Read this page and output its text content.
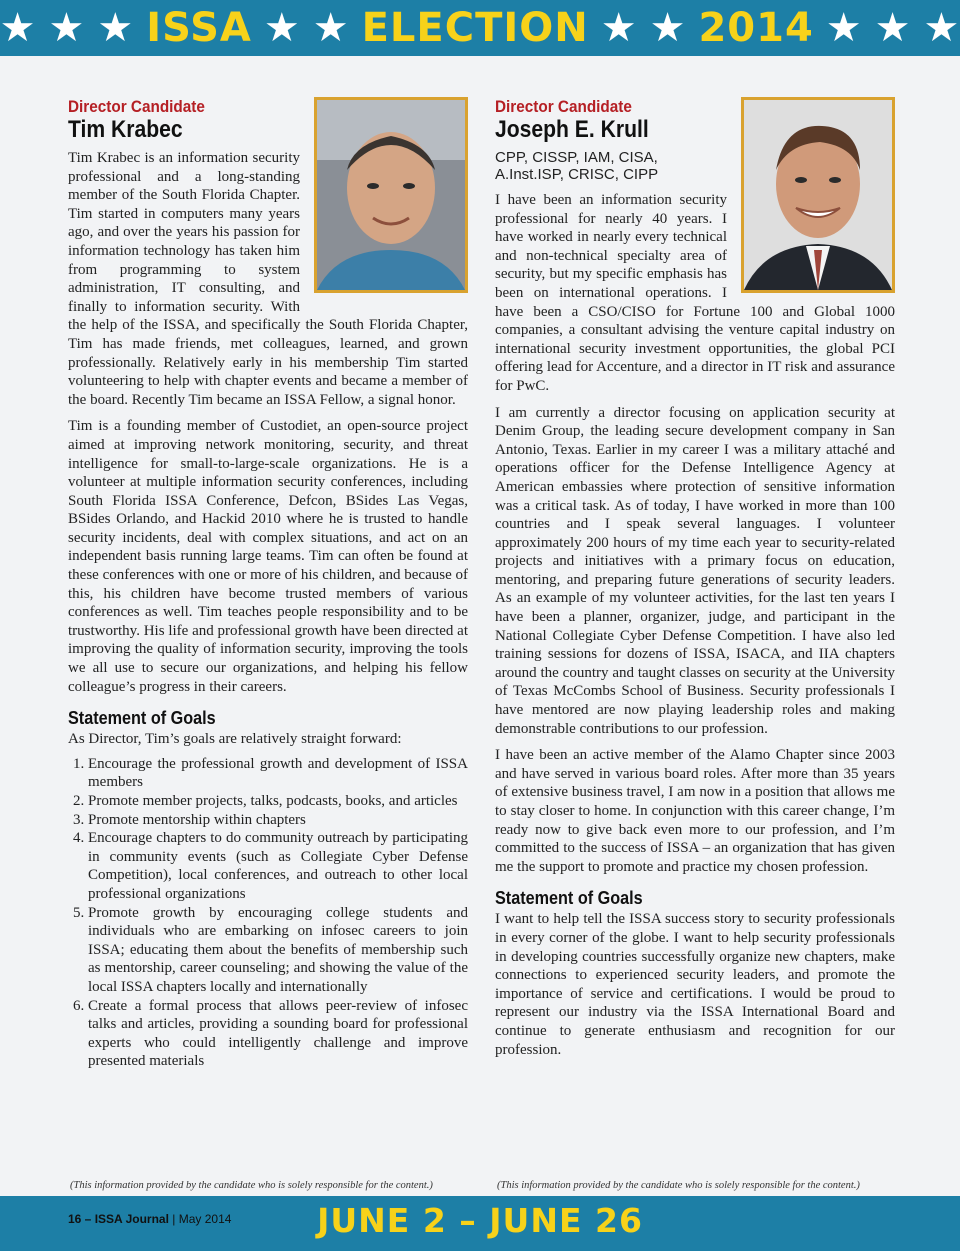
★ ★ ★ ISSA ★ ★ ELECTION ★ ★ 2014 ★ ★ ★

Director Candidate

Tim Krabec

Tim Krabec is an information security professional and a long-standing member of the South Florida Chapter. Tim started in computers many years ago, and over the years his passion for information technology has taken him from programming to system administration, IT consulting, and finally to information security. With the help of the ISSA, and specifically the South Florida Chapter, Tim has made friends, met colleagues, learned, and grown professionally. Relatively early in his membership Tim started volunteering to help with chapter events and became a member of the board. Recently Tim became an ISSA Fellow, a signal honor.

Tim is a founding member of Custodiet, an open-source project aimed at improving network monitoring, security, and threat intelligence for small-to-large-scale organizations. He is a volunteer at multiple information security conferences, including South Florida ISSA Conference, Defcon, BSides Las Vegas, BSides Orlando, and Hackid 2010 where he is trusted to handle security incidents, deal with complex situations, and act on an independent basis running large teams. Tim can often be found at these conferences with one or more of his children, and because of this, his children have become trusted members of various conferences as well. Tim teaches people responsibility and to be trustworthy. His life and professional growth have been directed at improving the quality of information security, improving the tools we all use to secure our organizations, and helping his fellow colleague’s progress in their careers.

Statement of Goals

As Director, Tim’s goals are relatively straight forward:

1. Encourage the professional growth and development of ISSA members
2. Promote member projects, talks, podcasts, books, and articles
3. Promote mentorship within chapters
4. Encourage chapters to do community outreach by participating in community events (such as Collegiate Cyber Defense Competition), local conferences, and outreach to other local professional organizations
5. Promote growth by encouraging college students and individuals who are embarking on infosec careers to join ISSA; educating them about the benefits of membership such as mentorship, career counseling; and showing the value of the local ISSA chapters locally and internationally
6. Create a formal process that allows peer-review of infosec talks and articles, providing a sounding board for professional experts who could intelligently challenge and improve presented materials

Director Candidate

Joseph E. Krull

CPP, CISSP, IAM, CISA, A.Inst.ISP, CRISC, CIPP

I have been an information security professional for nearly 40 years. I have worked in nearly every technical and non-technical specialty area of security, but my specific emphasis has been on international operations. I have been a CSO/CISO for Fortune 100 and Global 1000 companies, a consultant advising the venture capital industry on international security investment opportunities, the global PCI offering lead for Accenture, and a director in IT risk and assurance for PwC.

I am currently a director focusing on application security at Denim Group, the leading secure development company in San Antonio, Texas. Earlier in my career I was a military attaché and operations officer for the Defense Intelligence Agency at American embassies where protection of sensitive information was a critical task. As of today, I have worked in more than 100 countries and I speak several languages. I volunteer approximately 200 hours of my time each year to security-related projects and initiatives with a primary focus on education, mentoring, and preparing future generations of security leaders. As an example of my volunteer activities, for the last ten years I have been a planner, organizer, judge, and participant in the National Collegiate Cyber Defense Competition. I have also led training sessions for dozens of ISSA, ISACA, and IIA chapters around the country and taught classes on security at the University of Texas McCombs School of Business. Security professionals I have mentored are now playing leadership roles and making demonstrable contributions to our profession.

I have been an active member of the Alamo Chapter since 2003 and have served in various board roles. After more than 35 years of extensive business travel, I am now in a position that allows me to stay closer to home. In conjunction with this career change, I’m ready now to give back even more to our profession, and I’m committed to the success of ISSA – an organization that has given me the support to promote and practice my chosen profession.

Statement of Goals

I want to help tell the ISSA success story to security professionals in every corner of the globe. I want to help security professionals in developing countries successfully organize new chapters, make connections to experienced security leaders, and promote the importance of service and certifications. I would be proud to represent our industry via the ISSA International Board and continue to generate enthusiasm and recognition for our profession.

(This information provided by the candidate who is solely responsible for the content.)	(This information provided by the candidate who is solely responsible for the content.)
16 – ISSA Journal | May 2014	JUNE 2 – JUNE 26
